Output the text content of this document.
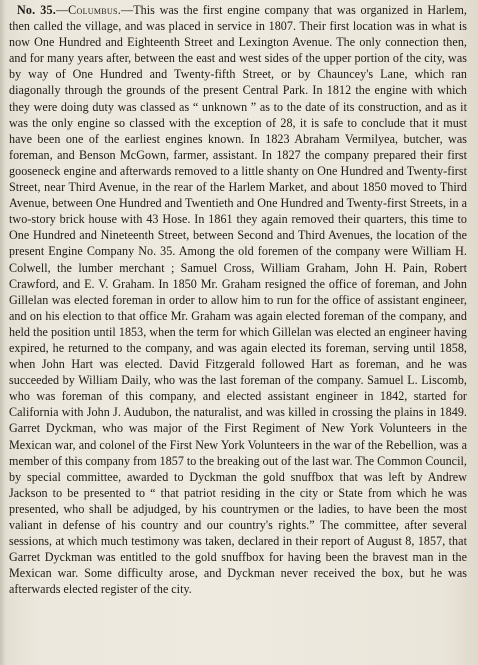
No. 35.—Columbus.—This was the first engine company that was organized in Harlem, then called the village, and was placed in service in 1807. Their first location was in what is now One Hundred and Eighteenth Street and Lexington Avenue. The only connection then, and for many years after, between the east and west sides of the upper portion of the city, was by way of One Hundred and Twenty-fifth Street, or by Chauncey's Lane, which ran diagonally through the grounds of the present Central Park. In 1812 the engine with which they were doing duty was classed as “ unknown ” as to the date of its construction, and as it was the only engine so classed with the exception of 28, it is safe to conclude that it must have been one of the earliest engines known. In 1823 Abraham Vermilyea, butcher, was foreman, and Benson McGown, farmer, assistant. In 1827 the company prepared their first gooseneck engine and afterwards removed to a little shanty on One Hundred and Twenty-first Street, near Third Avenue, in the rear of the Harlem Market, and about 1850 moved to Third Avenue, between One Hundred and Twentieth and One Hundred and Twenty-first Streets, in a two-story brick house with 43 Hose. In 1861 they again removed their quarters, this time to One Hundred and Nineteenth Street, between Second and Third Avenues, the location of the present Engine Company No. 35. Among the old foremen of the company were William H. Colwell, the lumber merchant ; Samuel Cross, William Graham, John H. Pain, Robert Crawford, and E. V. Graham. In 1850 Mr. Graham resigned the office of foreman, and John Gillelan was elected foreman in order to allow him to run for the office of assistant engineer, and on his election to that office Mr. Graham was again elected foreman of the company, and held the position until 1853, when the term for which Gillelan was elected an engineer having expired, he returned to the company, and was again elected its foreman, serving until 1858, when John Hart was elected. David Fitzgerald followed Hart as foreman, and he was succeeded by William Daily, who was the last foreman of the company. Samuel L. Liscomb, who was foreman of this company, and elected assistant engineer in 1842, started for California with John J. Audubon, the naturalist, and was killed in crossing the plains in 1849. Garret Dyckman, who was major of the First Regiment of New York Volunteers in the Mexican war, and colonel of the First New York Volunteers in the war of the Rebellion, was a member of this company from 1857 to the breaking out of the last war. The Common Council, by special committee, awarded to Dyckman the gold snuffbox that was left by Andrew Jackson to be presented to “ that patriot residing in the city or State from which he was presented, who shall be adjudged, by his countrymen or the ladies, to have been the most valiant in defense of his country and our country's rights.” The committee, after several sessions, at which much testimony was taken, declared in their report of August 8, 1857, that Garret Dyckman was entitled to the gold snuffbox for having been the bravest man in the Mexican war. Some difficulty arose, and Dyckman never received the box, but he was afterwards elected register of the city.
